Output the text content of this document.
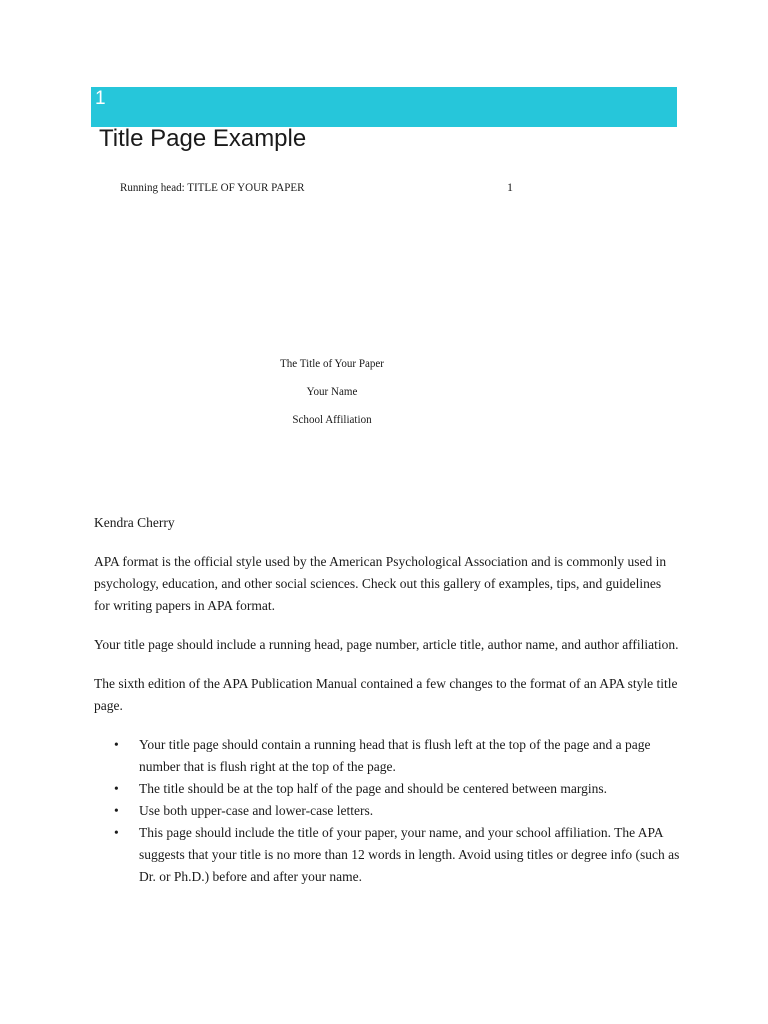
1
Title Page Example
Running head: TITLE OF YOUR PAPER	1
The Title of Your Paper
Your Name
School Affiliation

Kendra Cherry

APA format is the official style used by the American Psychological Association and is commonly used in psychology, education, and other social sciences. Check out this gallery of examples, tips, and guidelines for writing papers in APA format.

Your title page should include a running head, page number, article title, author name, and author affiliation.

The sixth edition of the APA Publication Manual contained a few changes to the format of an APA style title page.

• Your title page should contain a running head that is flush left at the top of the page and a page number that is flush right at the top of the page.
• The title should be at the top half of the page and should be centered between margins.
• Use both upper-case and lower-case letters.
• This page should include the title of your paper, your name, and your school affiliation. The APA suggests that your title is no more than 12 words in length. Avoid using titles or degree info (such as Dr. or Ph.D.) before and after your name.
